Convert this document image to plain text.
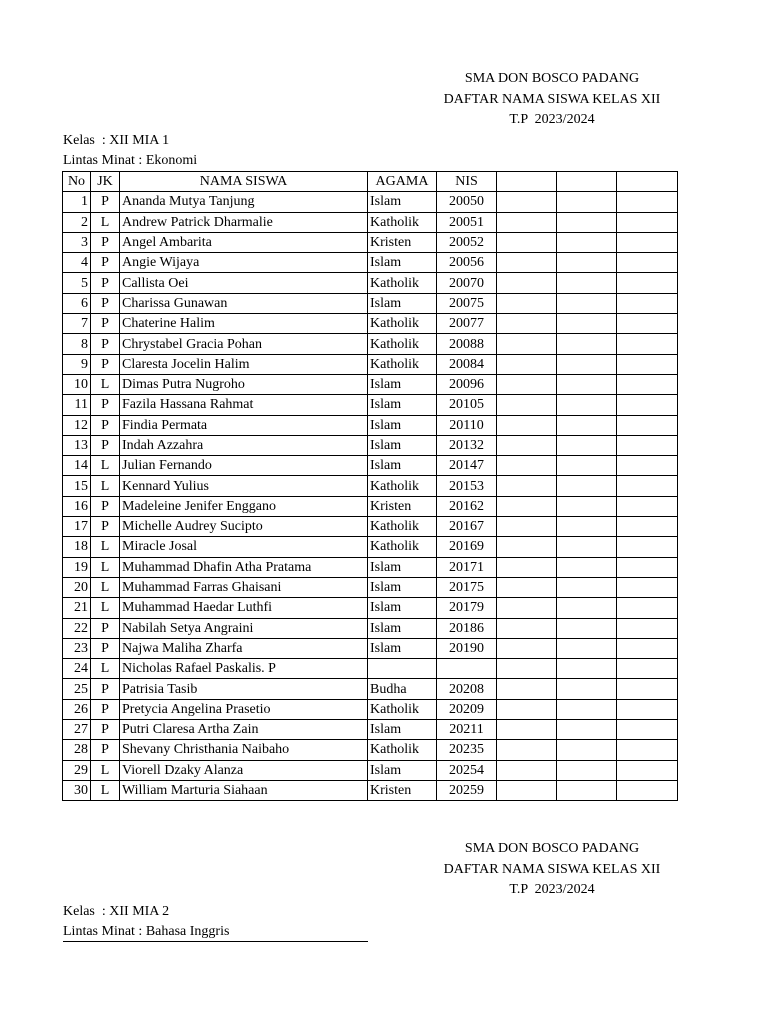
SMA DON BOSCO PADANG
DAFTAR NAMA SISWA KELAS XII
T.P  2023/2024
Kelas  : XII MIA 1
Lintas Minat : Ekonomi
No	JK	NAMA SISWA	AGAMA	NIS			
1	P	Ananda Mutya Tanjung	Islam	20050			
2	L	Andrew Patrick Dharmalie	Katholik	20051			
3	P	Angel Ambarita	Kristen	20052			
4	P	Angie Wijaya	Islam	20056			
5	P	Callista Oei	Katholik	20070			
6	P	Charissa Gunawan	Islam	20075			
7	P	Chaterine Halim	Katholik	20077			
8	P	Chrystabel Gracia Pohan	Katholik	20088			
9	P	Claresta Jocelin Halim	Katholik	20084			
10	L	Dimas Putra Nugroho	Islam	20096			
11	P	Fazila Hassana Rahmat	Islam	20105			
12	P	Findia Permata	Islam	20110			
13	P	Indah Azzahra	Islam	20132			
14	L	Julian Fernando	Islam	20147			
15	L	Kennard Yulius	Katholik	20153			
16	P	Madeleine Jenifer Enggano	Kristen	20162			
17	P	Michelle Audrey Sucipto	Katholik	20167			
18	L	Miracle Josal	Katholik	20169			
19	L	Muhammad Dhafin Atha Pratama	Islam	20171			
20	L	Muhammad Farras Ghaisani	Islam	20175			
21	L	Muhammad Haedar Luthfi	Islam	20179			
22	P	Nabilah Setya Angraini	Islam	20186			
23	P	Najwa Maliha Zharfa	Islam	20190			
24	L	Nicholas Rafael Paskalis. P					
25	P	Patrisia Tasib	Budha	20208			
26	P	Pretycia Angelina Prasetio	Katholik	20209			
27	P	Putri Claresa Artha Zain	Islam	20211			
28	P	Shevany Christhania Naibaho	Katholik	20235			
29	L	Viorell Dzaky Alanza	Islam	20254			
30	L	William Marturia Siahaan	Kristen	20259			
SMA DON BOSCO PADANG
DAFTAR NAMA SISWA KELAS XII
T.P  2023/2024
Kelas  : XII MIA 2
Lintas Minat : Bahasa Inggris
